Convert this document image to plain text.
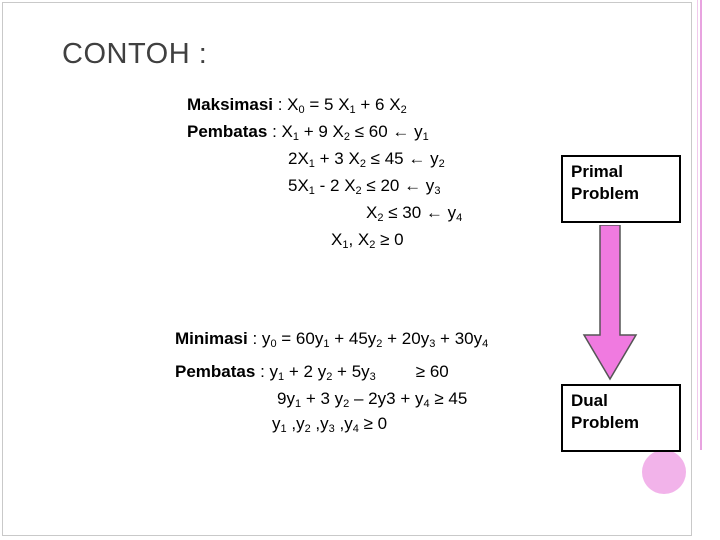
CONTOH :
Maksimasi : $X_0 = 5$ $X_1 + 6$ $X_2$
Pembatas : $X_1 + 9$ $X_2 \le 60$ ← $y_1$
$2X_1 + 3$ $X_2 \le 45$ ← $y_2$
$5X_1 - 2$ $X_2 \le 20$ ← $y_3$
$X_2 \le 30$ ← $y_4$
$X_1$, $X_2 \ge 0$
Minimasi : $y_0 = 60y_1 + 45y_2 + 20y_3 + 30y_4$
Pembatas : $y_1 + 2$ $y_2 + 5y_3 \ge 60$
$9y_1 + 3$ $y_2 - 2y3 + y_4 \ge 45$
$y_1$ $,y_2$ $,y_3$ $,y_4 \ge 0$
Primal
Problem
Dual
Problem
